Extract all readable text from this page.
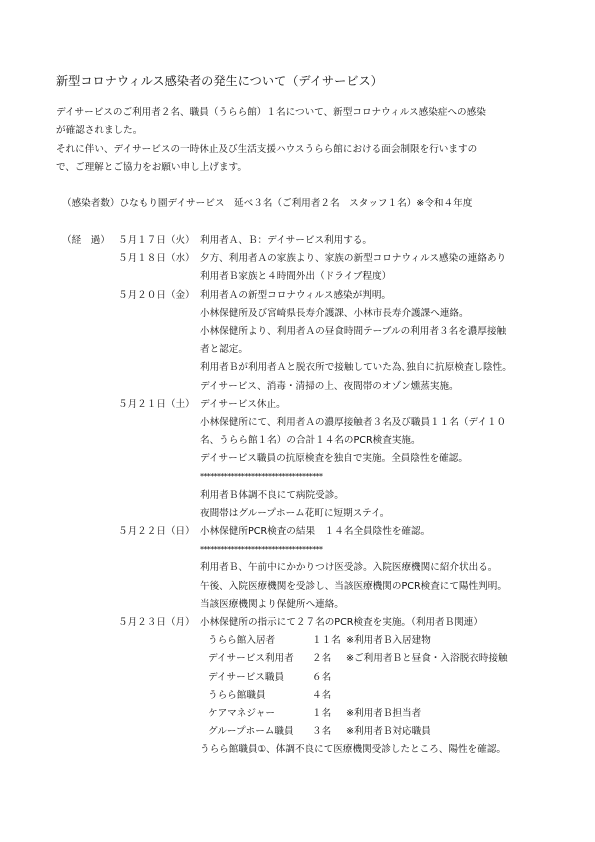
新型コロナウィルス感染者の発生について（デイサービス）

デイサービスのご利用者２名、職員（うらら館）１名について、新型コロナウィルス感染症への感染

が確認されました。

それに伴い、デイサービスの一時休止及び生活支援ハウスうらら館における面会制限を行いますの

で、ご理解とご協力をお願い申し上げます。

（感染者数）ひなもり園デイサービス　延べ３名（ご利用者２名　スタッフ１名）※令和４年度
（経　過） ５月１７日（火） 利用者Ａ、Ｂ：デイサービス利用する。
５月１８日（水） 夕方、利用者Ａの家族より、家族の新型コロナウィルス感染の連絡あり
利用者Ｂ家族と４時間外出（ドライブ程度）
５月２０日（金） 利用者Ａの新型コロナウィルス感染が判明。
小林保健所及び宮崎県長寿介護課、小林市長寿介護課へ連絡。
小林保健所より、利用者Ａの昼食時間テーブルの利用者３名を濃厚接触
者と認定。
利用者Ｂが利用者Ａと脱衣所で接触していた為､独自に抗原検査し陰性。
デイサービス、消毒・清掃の上、夜間帯のオゾン燻蒸実施。
５月２１日（土） デイサービス休止。
小林保健所にて、利用者Ａの濃厚接触者３名及び職員１１名（デイ１０
名、うらら館１名）の合計１４名のPCR検査実施。
デイサービス職員の抗原検査を独自で実施。全員陰性を確認。
************************************
利用者Ｂ体調不良にて病院受診。
夜間帯はグループホーム花町に短期ステイ。
５月２２日（日） 小林保健所PCR検査の結果　１４名全員陰性を確認。
************************************
利用者Ｂ、午前中にかかりつけ医受診。入院医療機関に紹介状出る。
午後、入院医療機関を受診し、当該医療機関のPCR検査にて陽性判明。
当該医療機関より保健所へ連絡。
５月２３日（月） 小林保健所の指示にて２７名のPCR検査を実施。（利用者Ｂ関連）
うらら館入居者	１１名 ※利用者Ｂ入居建物
デイサービス利用者 ２名 ※ご利用者Ｂと昼食・入浴脱衣時接触
デイサービス職員	６名
うらら館職員	４名
ケアマネジャー	１名 ※利用者Ｂ担当者
グループホーム職員 ３名 ※利用者Ｂ対応職員
うらら館職員①、体調不良にて医療機関受診したところ、陽性を確認。
